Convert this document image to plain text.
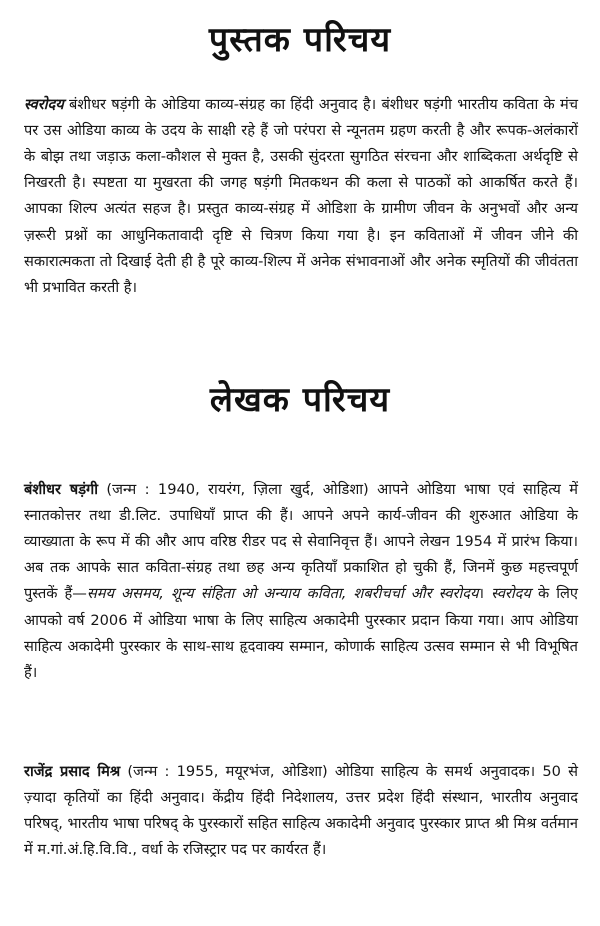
पुस्तक परिचय

स्वरोदय बंशीधर षड़ंगी के ओडिया काव्य-संग्रह का हिंदी अनुवाद है। बंशीधर षड़ंगी भारतीय कविता के मंच पर उस ओडिया काव्य के उदय के साक्षी रहे हैं जो परंपरा से न्यूनतम ग्रहण करती है और रूपक-अलंकारों के बोझ तथा जड़ाऊ कला-कौशल से मुक्त है, उसकी सुंदरता सुगठित संरचना और शाब्दिकता अर्थदृष्टि से निखरती है। स्पष्टता या मुखरता की जगह षड़ंगी मितकथन की कला से पाठकों को आकर्षित करते हैं। आपका शिल्प अत्यंत सहज है। प्रस्तुत काव्य-संग्रह में ओडिशा के ग्रामीण जीवन के अनुभवों और अन्य ज़रूरी प्रश्नों का आधुनिकतावादी दृष्टि से चित्रण किया गया है। इन कविताओं में जीवन जीने की सकारात्मकता तो दिखाई देती ही है पूरे काव्य-शिल्प में अनेक संभावनाओं और अनेक स्मृतियों की जीवंतता भी प्रभावित करती है।

लेखक परिचय

बंशीधर षड़ंगी (जन्म : 1940, रायरंग, ज़िला खुर्द, ओडिशा) आपने ओडिया भाषा एवं साहित्य में स्नातकोत्तर तथा डी.लिट. उपाधियाँ प्राप्त की हैं। आपने अपने कार्य-जीवन की शुरुआत ओडिया के व्याख्याता के रूप में की और आप वरिष्ठ रीडर पद से सेवानिवृत्त हैं। आपने लेखन 1954 में प्रारंभ किया। अब तक आपके सात कविता-संग्रह तथा छह अन्य कृतियाँ प्रकाशित हो चुकी हैं, जिनमें कुछ महत्त्वपूर्ण पुस्तकें हैं—समय असमय, शून्य संहिता ओ अन्याय कविता, शबरीचर्चा और स्वरोदय। स्वरोदय के लिए आपको वर्ष 2006 में ओडिया भाषा के लिए साहित्य अकादेमी पुरस्कार प्रदान किया गया। आप ओडिया साहित्य अकादेमी पुरस्कार के साथ-साथ हृदवाक्य सम्मान, कोणार्क साहित्य उत्सव सम्मान से भी विभूषित हैं।

राजेंद्र प्रसाद मिश्र (जन्म : 1955, मयूरभंज, ओडिशा) ओडिया साहित्य के समर्थ अनुवादक। 50 से ज़्यादा कृतियों का हिंदी अनुवाद। केंद्रीय हिंदी निदेशालय, उत्तर प्रदेश हिंदी संस्थान, भारतीय अनुवाद परिषद्, भारतीय भाषा परिषद् के पुरस्कारों सहित साहित्य अकादेमी अनुवाद पुरस्कार प्राप्त श्री मिश्र वर्तमान में म.गां.अं.हि.वि.वि., वर्धा के रजिस्ट्रार पद पर कार्यरत हैं।
